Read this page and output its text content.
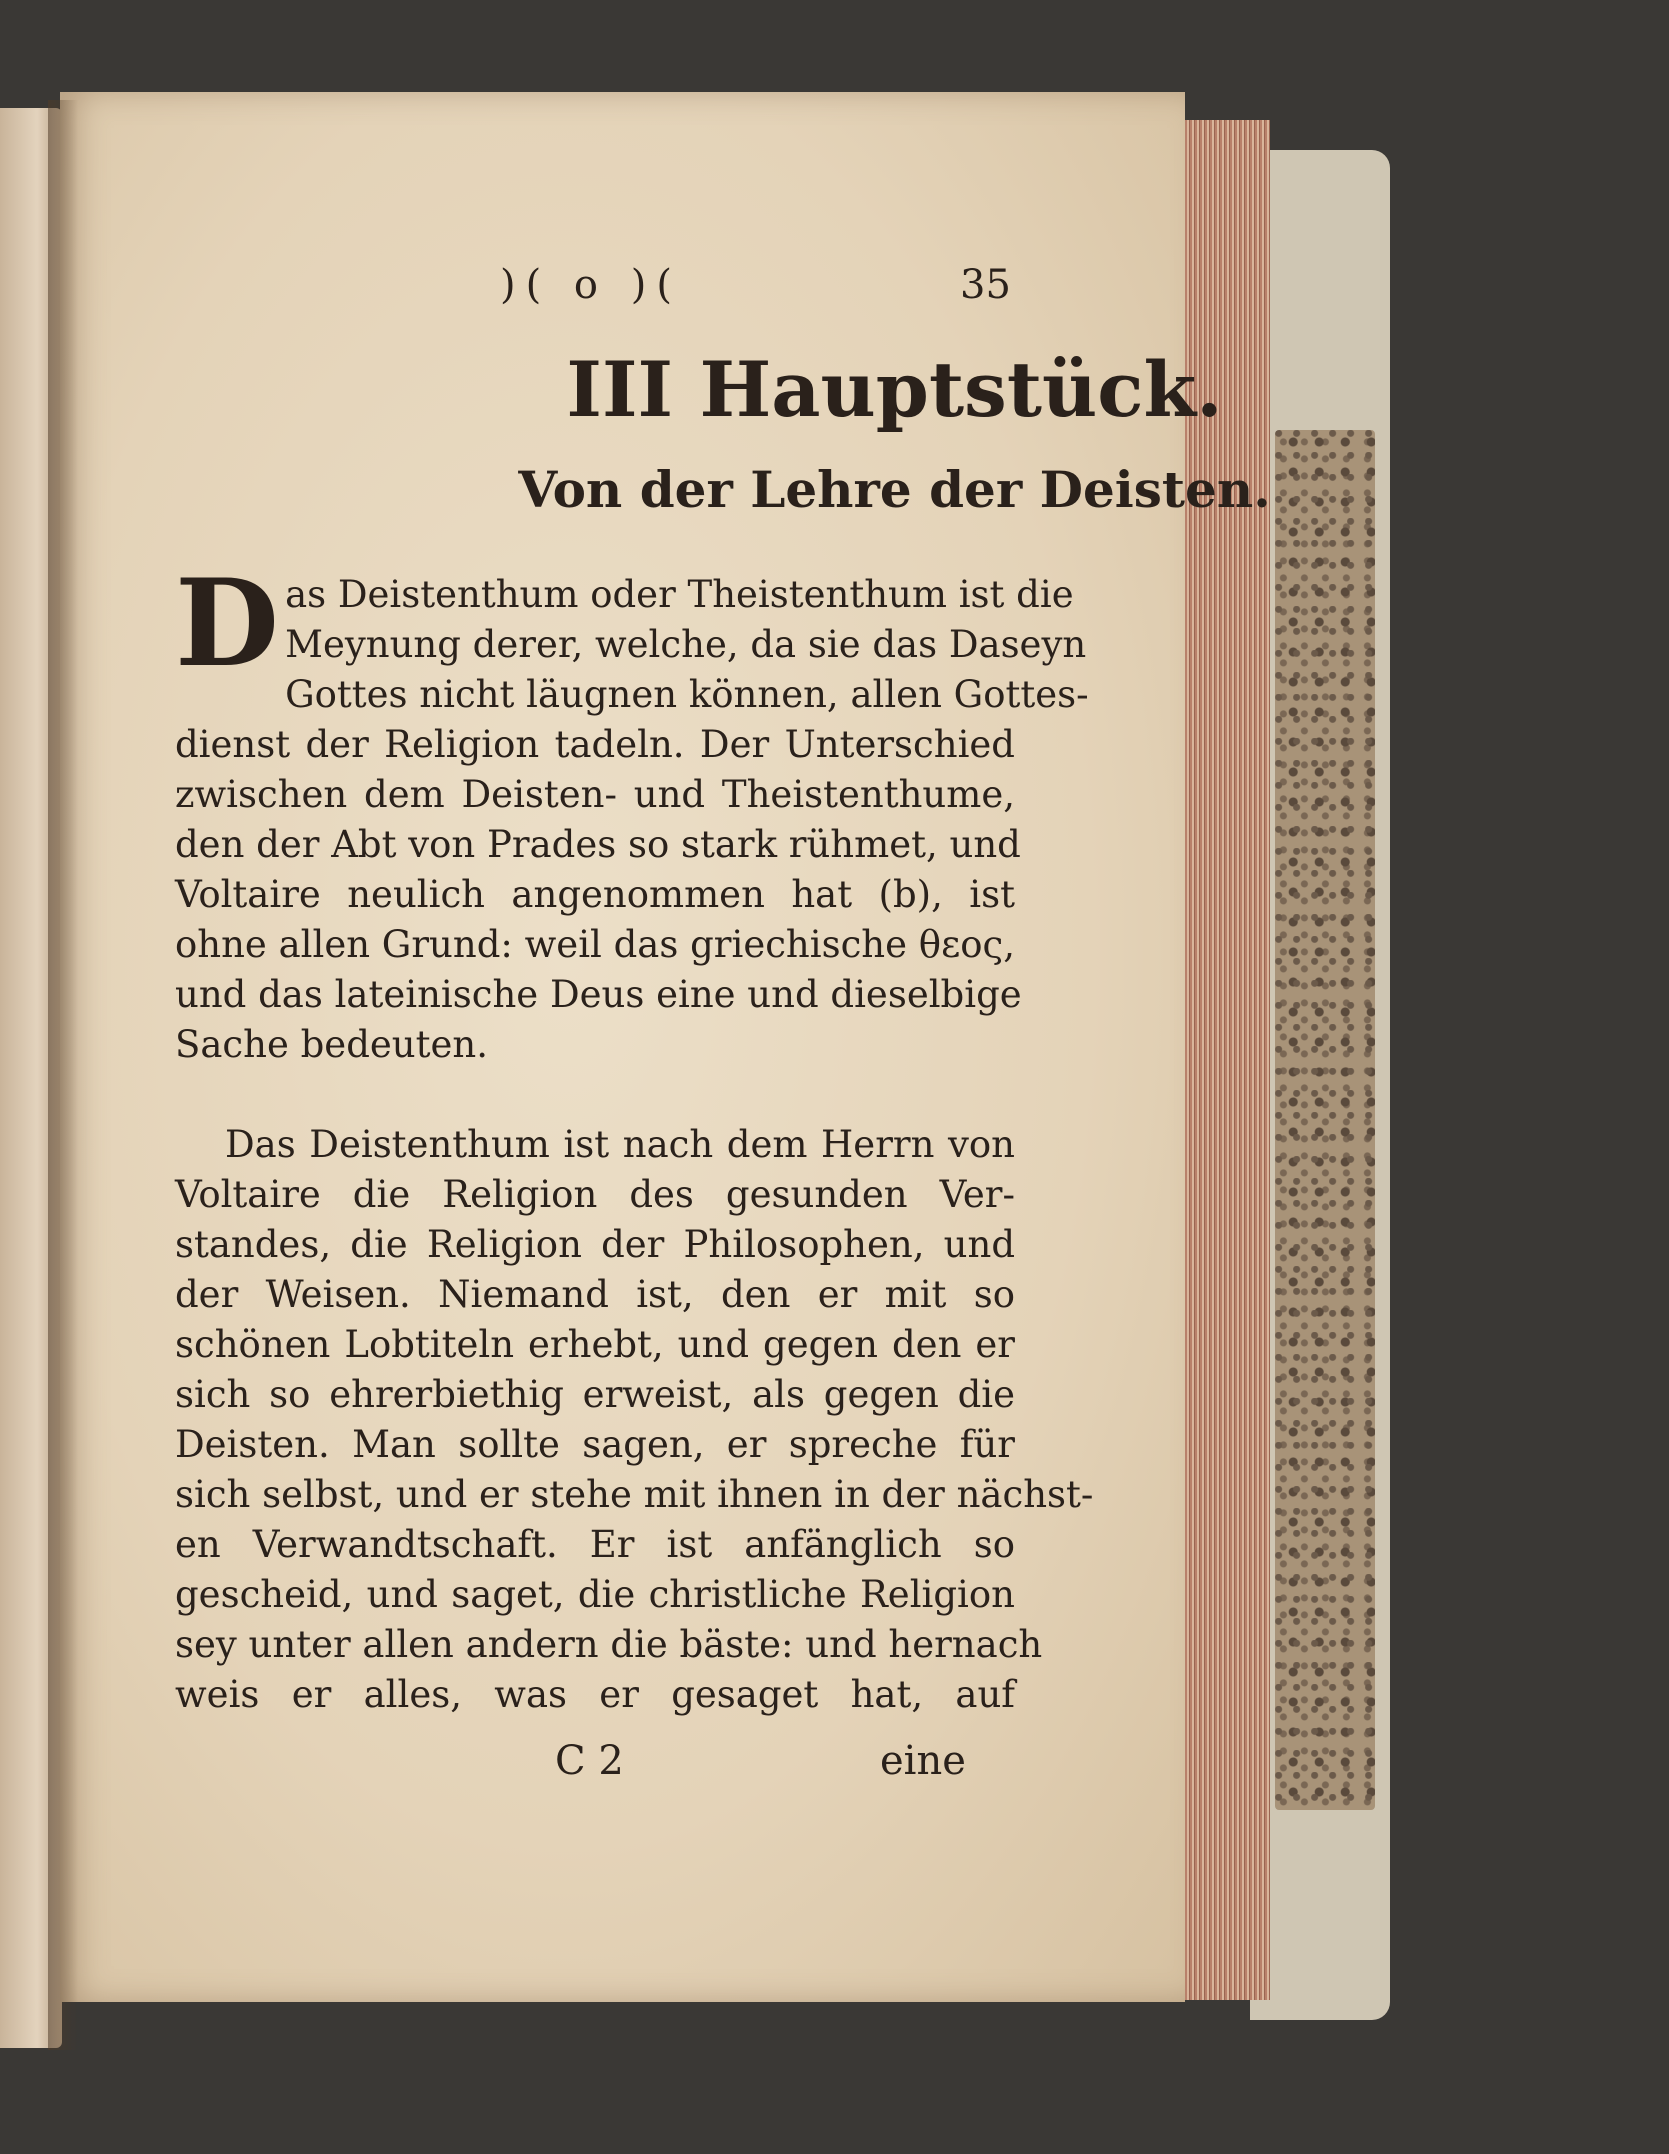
)( o )(	35
III Hauptstück.
Von der Lehre der Deisten.
D as Deistenthum oder Theistenthum ist die
Meynung derer, welche, da sie das Daseyn
Gottes nicht läugnen können, allen Gottes-
dienst der Religion tadeln. Der Unterschied
zwischen dem Deisten- und Theistenthume,
den der Abt von Prades so stark rühmet, und
Voltaire neulich angenommen hat (b), ist
ohne allen Grund: weil das griechische θεος,
und das lateinische Deus eine und dieselbige
Sache bedeuten.
Das Deistenthum ist nach dem Herrn von
Voltaire die Religion des gesunden Ver-
standes, die Religion der Philosophen, und
der Weisen. Niemand ist, den er mit so
schönen Lobtiteln erhebt, und gegen den er
sich so ehrerbiethig erweist, als gegen die
Deisten. Man sollte sagen, er spreche für
sich selbst, und er stehe mit ihnen in der nächst-
en Verwandtschaft. Er ist anfänglich so
gescheid, und saget, die christliche Religion
sey unter allen andern die bäste: und hernach
weis er alles, was er gesaget hat, auf
C 2	eine
